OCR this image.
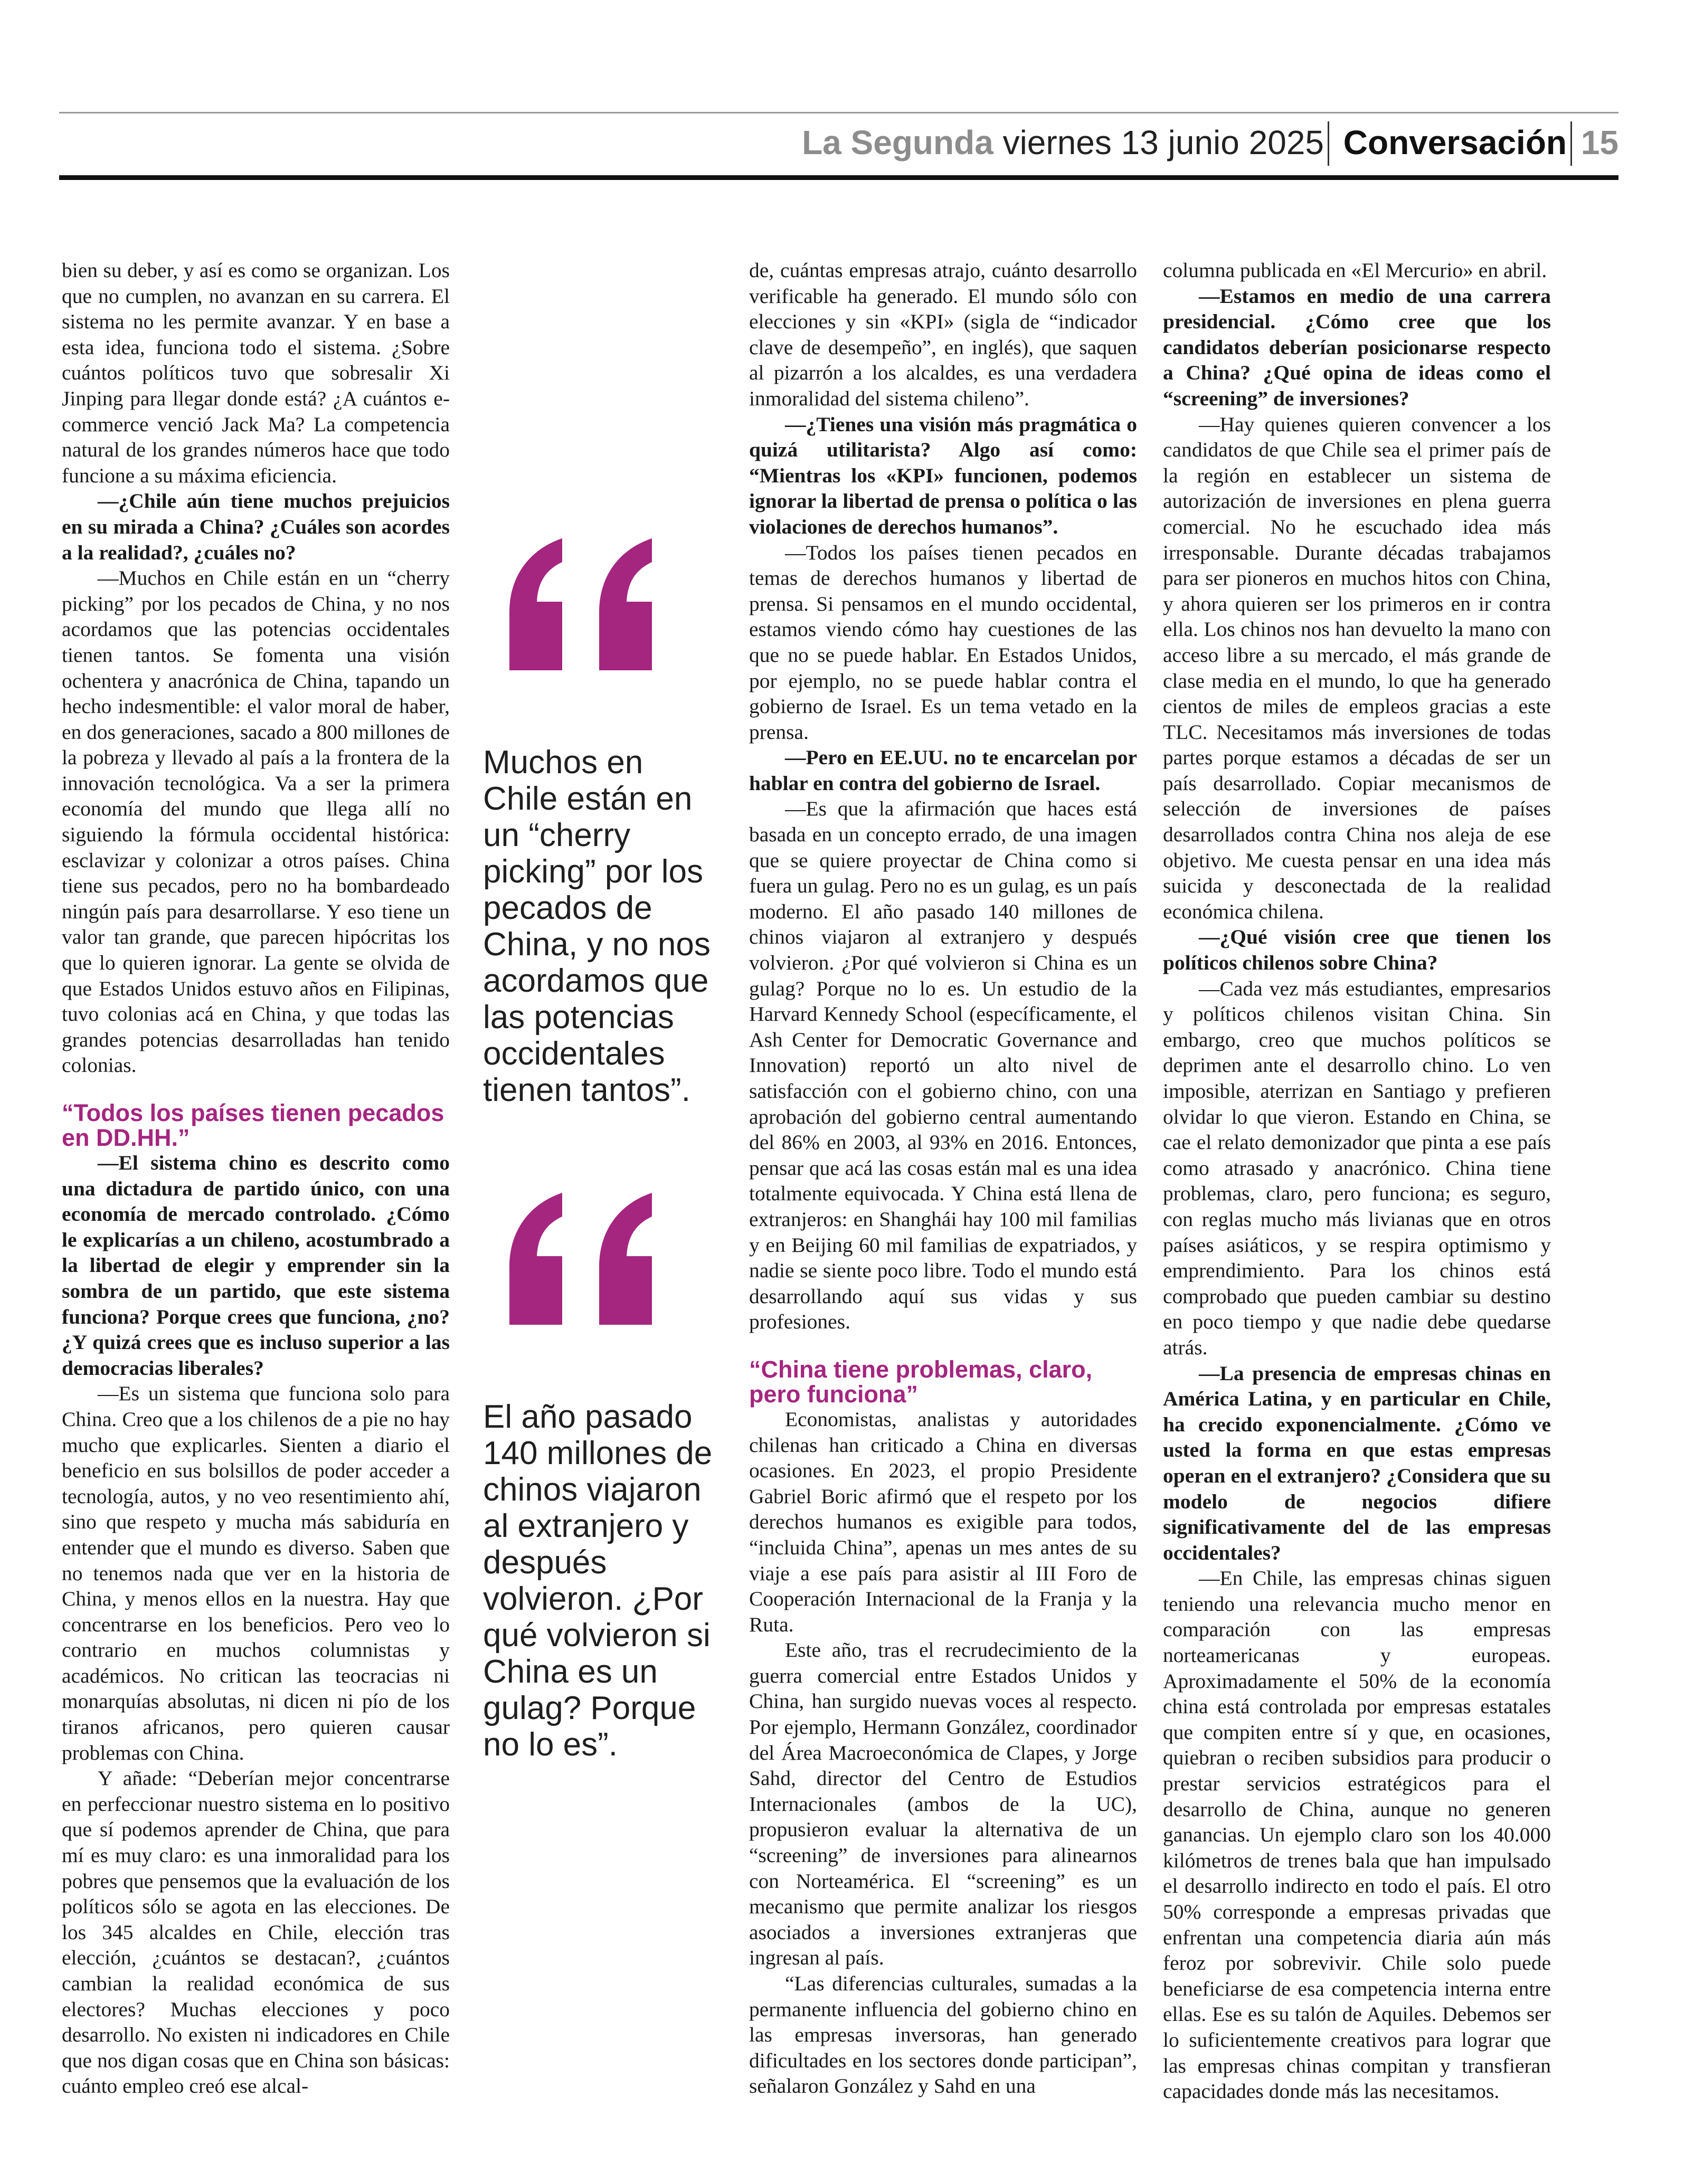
La Segunda viernes 13 junio 2025 Conversación 15

bien su deber, y así es como se organizan. Los que no cumplen, no avanzan en su carrera. El sistema no les permite avanzar. Y en base a esta idea, funciona todo el sistema. ¿Sobre cuántos políticos tuvo que sobresalir Xi Jinping para llegar donde está? ¿A cuántos e-commerce venció Jack Ma? La competencia natural de los grandes números hace que todo funcione a su máxima eficiencia.

—¿Chile aún tiene muchos prejuicios en su mirada a China? ¿Cuáles son acordes a la realidad?, ¿cuáles no?

—Muchos en Chile están en un “cherry picking” por los pecados de China, y no nos acordamos que las potencias occidentales tienen tantos. Se fomenta una visión ochentera y anacrónica de China, tapando un hecho indesmentible: el valor moral de haber, en dos generaciones, sacado a 800 millones de la pobreza y llevado al país a la frontera de la innovación tecnológica. Va a ser la primera economía del mundo que llega allí no siguiendo la fórmula occidental histórica: esclavizar y colonizar a otros países. China tiene sus pecados, pero no ha bombardeado ningún país para desarrollarse. Y eso tiene un valor tan grande, que parecen hipócritas los que lo quieren ignorar. La gente se olvida de que Estados Unidos estuvo años en Filipinas, tuvo colonias acá en China, y que todas las grandes potencias desarrolladas han tenido colonias.

“Todos los países tienen pecados en DD.HH.”

—El sistema chino es descrito como una dictadura de partido único, con una economía de mercado controlado. ¿Cómo le explicarías a un chileno, acostumbrado a la libertad de elegir y emprender sin la sombra de un partido, que este sistema funciona? Porque crees que funciona, ¿no? ¿Y quizá crees que es incluso superior a las democracias liberales?

—Es un sistema que funciona solo para China. Creo que a los chilenos de a pie no hay mucho que explicarles. Sienten a diario el beneficio en sus bolsillos de poder acceder a tecnología, autos, y no veo resentimiento ahí, sino que respeto y mucha más sabiduría en entender que el mundo es diverso. Saben que no tenemos nada que ver en la historia de China, y menos ellos en la nuestra. Hay que concentrarse en los beneficios. Pero veo lo contrario en muchos columnistas y académicos. No critican las teocracias ni monarquías absolutas, ni dicen ni pío de los tiranos africanos, pero quieren causar problemas con China.

Y añade: “Deberían mejor concentrarse en perfeccionar nuestro sistema en lo positivo que sí podemos aprender de China, que para mí es muy claro: es una inmoralidad para los pobres que pensemos que la evaluación de los políticos sólo se agota en las elecciones. De los 345 alcaldes en Chile, elección tras elección, ¿cuántos se destacan?, ¿cuántos cambian la realidad económica de sus electores? Muchas elecciones y poco desarrollo. No existen ni indicadores en Chile que nos digan cosas que en China son básicas: cuánto empleo creó ese alcal-

Muchos en Chile están en un “cherry picking” por los pecados de China, y no nos acordamos que las potencias occidentales tienen tantos”.
El año pasado 140 millones de chinos viajaron al extranjero y después volvieron. ¿Por qué volvieron si China es un gulag? Porque no lo es”.

de, cuántas empresas atrajo, cuánto desarrollo verificable ha generado. El mundo sólo con elecciones y sin «KPI» (sigla de “indicador clave de desempeño”, en inglés), que saquen al pizarrón a los alcaldes, es una verdadera inmoralidad del sistema chileno”.

—¿Tienes una visión más pragmática o quizá utilitarista? Algo así como: “Mientras los «KPI» funcionen, podemos ignorar la libertad de prensa o política o las violaciones de derechos humanos”.

—Todos los países tienen pecados en temas de derechos humanos y libertad de prensa. Si pensamos en el mundo occidental, estamos viendo cómo hay cuestiones de las que no se puede hablar. En Estados Unidos, por ejemplo, no se puede hablar contra el gobierno de Israel. Es un tema vetado en la prensa.

—Pero en EE.UU. no te encarcelan por hablar en contra del gobierno de Israel.

—Es que la afirmación que haces está basada en un concepto errado, de una imagen que se quiere proyectar de China como si fuera un gulag. Pero no es un gulag, es un país moderno. El año pasado 140 millones de chinos viajaron al extranjero y después volvieron. ¿Por qué volvieron si China es un gulag? Porque no lo es. Un estudio de la Harvard Kennedy School (específicamente, el Ash Center for Democratic Governance and Innovation) reportó un alto nivel de satisfacción con el gobierno chino, con una aprobación del gobierno central aumentando del 86% en 2003, al 93% en 2016. Entonces, pensar que acá las cosas están mal es una idea totalmente equivocada. Y China está llena de extranjeros: en Shanghái hay 100 mil familias y en Beijing 60 mil familias de expatriados, y nadie se siente poco libre. Todo el mundo está desarrollando aquí sus vidas y sus profesiones.

“China tiene problemas, claro, pero funciona”

Economistas, analistas y autoridades chilenas han criticado a China en diversas ocasiones. En 2023, el propio Presidente Gabriel Boric afirmó que el respeto por los derechos humanos es exigible para todos, “incluida China”, apenas un mes antes de su viaje a ese país para asistir al III Foro de Cooperación Internacional de la Franja y la Ruta.

Este año, tras el recrudecimiento de la guerra comercial entre Estados Unidos y China, han surgido nuevas voces al respecto. Por ejemplo, Hermann González, coordinador del Área Macroeconómica de Clapes, y Jorge Sahd, director del Centro de Estudios Internacionales (ambos de la UC), propusieron evaluar la alternativa de un “screening” de inversiones para alinearnos con Norteamérica. El “screening” es un mecanismo que permite analizar los riesgos asociados a inversiones extranjeras que ingresan al país.

“Las diferencias culturales, sumadas a la permanente influencia del gobierno chino en las empresas inversoras, han generado dificultades en los sectores donde participan”, señalaron González y Sahd en una

columna publicada en «El Mercurio» en abril.

—Estamos en medio de una carrera presidencial. ¿Cómo cree que los candidatos deberían posicionarse respecto a China? ¿Qué opina de ideas como el “screening” de inversiones?

—Hay quienes quieren convencer a los candidatos de que Chile sea el primer país de la región en establecer un sistema de autorización de inversiones en plena guerra comercial. No he escuchado idea más irresponsable. Durante décadas trabajamos para ser pioneros en muchos hitos con China, y ahora quieren ser los primeros en ir contra ella. Los chinos nos han devuelto la mano con acceso libre a su mercado, el más grande de clase media en el mundo, lo que ha generado cientos de miles de empleos gracias a este TLC. Necesitamos más inversiones de todas partes porque estamos a décadas de ser un país desarrollado. Copiar mecanismos de selección de inversiones de países desarrollados contra China nos aleja de ese objetivo. Me cuesta pensar en una idea más suicida y desconectada de la realidad económica chilena.

—¿Qué visión cree que tienen los políticos chilenos sobre China?

—Cada vez más estudiantes, empresarios y políticos chilenos visitan China. Sin embargo, creo que muchos políticos se deprimen ante el desarrollo chino. Lo ven imposible, aterrizan en Santiago y prefieren olvidar lo que vieron. Estando en China, se cae el relato demonizador que pinta a ese país como atrasado y anacrónico. China tiene problemas, claro, pero funciona; es seguro, con reglas mucho más livianas que en otros países asiáticos, y se respira optimismo y emprendimiento. Para los chinos está comprobado que pueden cambiar su destino en poco tiempo y que nadie debe quedarse atrás.

—La presencia de empresas chinas en América Latina, y en particular en Chile, ha crecido exponencialmente. ¿Cómo ve usted la forma en que estas empresas operan en el extranjero? ¿Considera que su modelo de negocios difiere significativamente del de las empresas occidentales?

—En Chile, las empresas chinas siguen teniendo una relevancia mucho menor en comparación con las empresas norteamericanas y europeas. Aproximadamente el 50% de la economía china está controlada por empresas estatales que compiten entre sí y que, en ocasiones, quiebran o reciben subsidios para producir o prestar servicios estratégicos para el desarrollo de China, aunque no generen ganancias. Un ejemplo claro son los 40.000 kilómetros de trenes bala que han impulsado el desarrollo indirecto en todo el país. El otro 50% corresponde a empresas privadas que enfrentan una competencia diaria aún más feroz por sobrevivir. Chile solo puede beneficiarse de esa competencia interna entre ellas. Ese es su talón de Aquiles. Debemos ser lo suficientemente creativos para lograr que las empresas chinas compitan y transfieran capacidades donde más las necesitamos.
